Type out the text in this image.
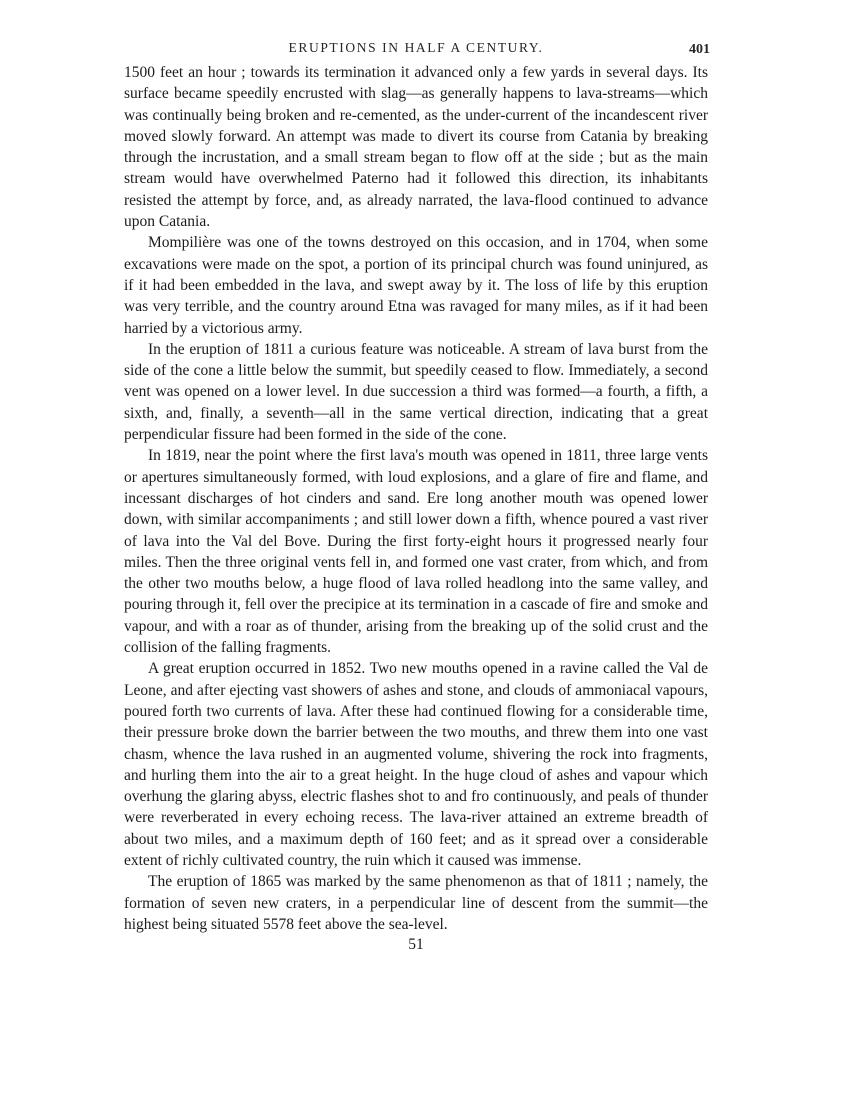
ERUPTIONS IN HALF A CENTURY.	401

1500 feet an hour ; towards its termination it advanced only a few yards in several days. Its surface became speedily encrusted with slag—as generally happens to lava-streams—which was continually being broken and re-cemented, as the under-current of the incandescent river moved slowly forward. An attempt was made to divert its course from Catania by breaking through the incrustation, and a small stream began to flow off at the side ; but as the main stream would have overwhelmed Paterno had it followed this direction, its inhabitants resisted the attempt by force, and, as already narrated, the lava-flood continued to advance upon Catania.

Mompilière was one of the towns destroyed on this occasion, and in 1704, when some excavations were made on the spot, a portion of its principal church was found uninjured, as if it had been embedded in the lava, and swept away by it. The loss of life by this eruption was very terrible, and the country around Etna was ravaged for many miles, as if it had been harried by a victorious army.

In the eruption of 1811 a curious feature was noticeable. A stream of lava burst from the side of the cone a little below the summit, but speedily ceased to flow. Immediately, a second vent was opened on a lower level. In due succession a third was formed—a fourth, a fifth, a sixth, and, finally, a seventh—all in the same vertical direction, indicating that a great perpendicular fissure had been formed in the side of the cone.

In 1819, near the point where the first lava's mouth was opened in 1811, three large vents or apertures simultaneously formed, with loud explosions, and a glare of fire and flame, and incessant discharges of hot cinders and sand. Ere long another mouth was opened lower down, with similar accompaniments ; and still lower down a fifth, whence poured a vast river of lava into the Val del Bove. During the first forty-eight hours it progressed nearly four miles. Then the three original vents fell in, and formed one vast crater, from which, and from the other two mouths below, a huge flood of lava rolled headlong into the same valley, and pouring through it, fell over the precipice at its termination in a cascade of fire and smoke and vapour, and with a roar as of thunder, arising from the breaking up of the solid crust and the collision of the falling fragments.

A great eruption occurred in 1852. Two new mouths opened in a ravine called the Val de Leone, and after ejecting vast showers of ashes and stone, and clouds of ammoniacal vapours, poured forth two currents of lava. After these had continued flowing for a considerable time, their pressure broke down the barrier between the two mouths, and threw them into one vast chasm, whence the lava rushed in an augmented volume, shivering the rock into fragments, and hurling them into the air to a great height. In the huge cloud of ashes and vapour which overhung the glaring abyss, electric flashes shot to and fro continuously, and peals of thunder were reverberated in every echoing recess. The lava-river attained an extreme breadth of about two miles, and a maximum depth of 160 feet; and as it spread over a considerable extent of richly cultivated country, the ruin which it caused was immense.

The eruption of 1865 was marked by the same phenomenon as that of 1811 ; namely, the formation of seven new craters, in a perpendicular line of descent from the summit—the highest being situated 5578 feet above the sea-level.

51
